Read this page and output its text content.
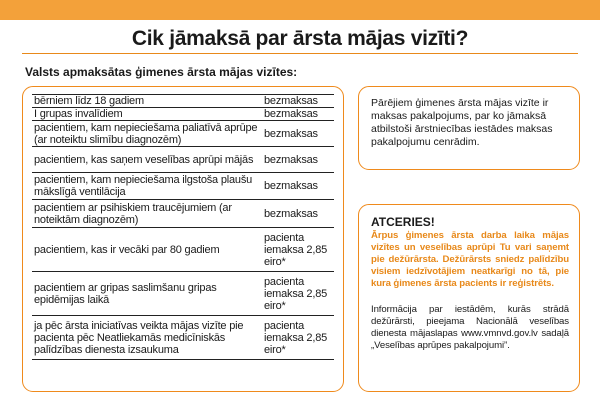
Cik jāmaksā par ārsta mājas vizīti?
Valsts apmaksātas ģimenes ārsta mājas vizītes:
bērniem līdz 18 gadiem	bezmaksas
I grupas invalīdiem	bezmaksas
pacientiem, kam nepieciešama paliatīvā aprūpe (ar noteiktu slimību diagnozēm)	bezmaksas
pacientiem, kas saņem veselības aprūpi mājās	bezmaksas
pacientiem, kam nepieciešama ilgstoša plaušu mākslīgā ventilācija	bezmaksas
pacientiem ar psihiskiem traucējumiem (ar noteiktām diagnozēm)	bezmaksas
pacientiem, kas ir vecāki par 80 gadiem	pacienta iemaksa 2,85 eiro*
pacientiem ar gripas saslimšanu gripas epidēmijas laikā	pacienta iemaksa 2,85 eiro*
ja pēc ārsta iniciatīvas veikta mājas vizīte pie pacienta pēc Neatliekamās medicīniskās palīdzības dienesta izsaukuma	pacienta iemaksa 2,85 eiro*
Pārējiem ģimenes ārsta mājas vizīte ir maksas pakalpojums, par ko jāmaksā atbilstoši ārstniecības iestādes maksas pakalpojumu cenrādim.
ATCERIES!
Ārpus ģimenes ārsta darba laika mājas vizītes un veselības aprūpi Tu vari saņemt pie dežūrārsta. Dežūrārsts sniedz palīdzību visiem iedzīvotājiem neatkarīgi no tā, pie kura ģimenes ārsta pacients ir reģistrēts.
Informācija par iestādēm, kurās strādā dežūrārsti, pieejama Nacionālā veselības dienesta mājaslapas www.vmnvd.gov.lv sadaļā „Veselības aprūpes pakalpojumi”.
